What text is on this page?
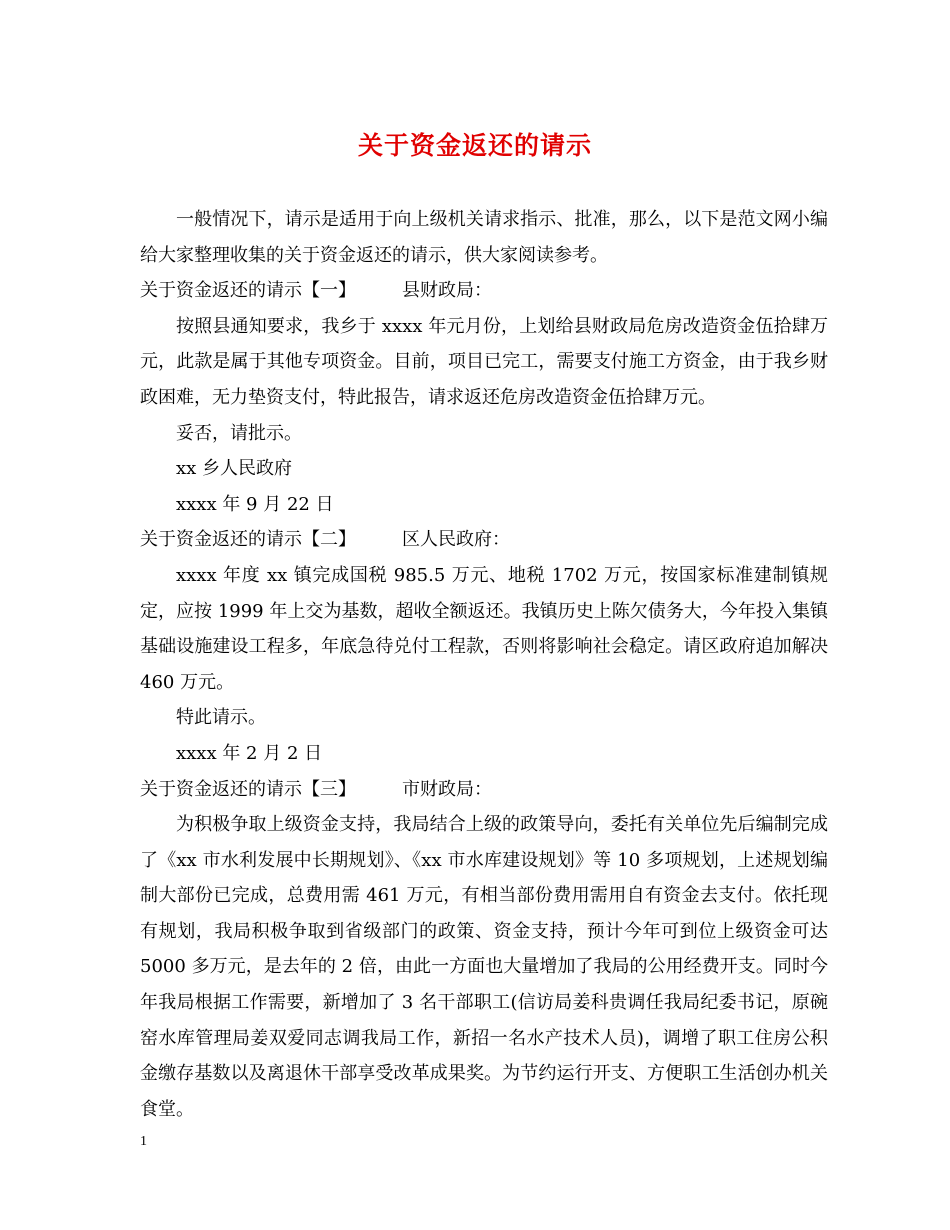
关于资金返还的请示

一般情况下，请示是适用于向上级机关请求指示、批准，那么，以下是范文网小编给大家整理收集的关于资金返还的请示，供大家阅读参考。

关于资金返还的请示【一】	县财政局：

按照县通知要求，我乡于 xxxx 年元月份，上划给县财政局危房改造资金伍拾肆万元，此款是属于其他专项资金。目前，项目已完工，需要支付施工方资金，由于我乡财政困难，无力垫资支付，特此报告，请求返还危房改造资金伍拾肆万元。

妥否，请批示。

xx 乡人民政府

xxxx 年 9 月 22 日

关于资金返还的请示【二】	区人民政府：

xxxx 年度 xx 镇完成国税 985.5 万元、地税 1702 万元，按国家标准建制镇规定，应按 1999 年上交为基数，超收全额返还。我镇历史上陈欠债务大，今年投入集镇基础设施建设工程多，年底急待兑付工程款，否则将影响社会稳定。请区政府追加解决 460 万元。

特此请示。

xxxx 年 2 月 2 日

关于资金返还的请示【三】	市财政局：

为积极争取上级资金支持，我局结合上级的政策导向，委托有关单位先后编制完成了《xx 市水利发展中长期规划》、《xx 市水库建设规划》等 10 多项规划，上述规划编制大部份已完成，总费用需 461 万元，有相当部份费用需用自有资金去支付。依托现有规划，我局积极争取到省级部门的政策、资金支持，预计今年可到位上级资金可达 5000 多万元，是去年的 2 倍，由此一方面也大量增加了我局的公用经费开支。同时今年我局根据工作需要，新增加了 3 名干部职工(信访局姜科贵调任我局纪委书记，原碗窑水库管理局姜双爱同志调我局工作，新招一名水产技术人员)，调增了职工住房公积金缴存基数以及离退休干部享受改革成果奖。为节约运行开支、方便职工生活创办机关食堂。

1
